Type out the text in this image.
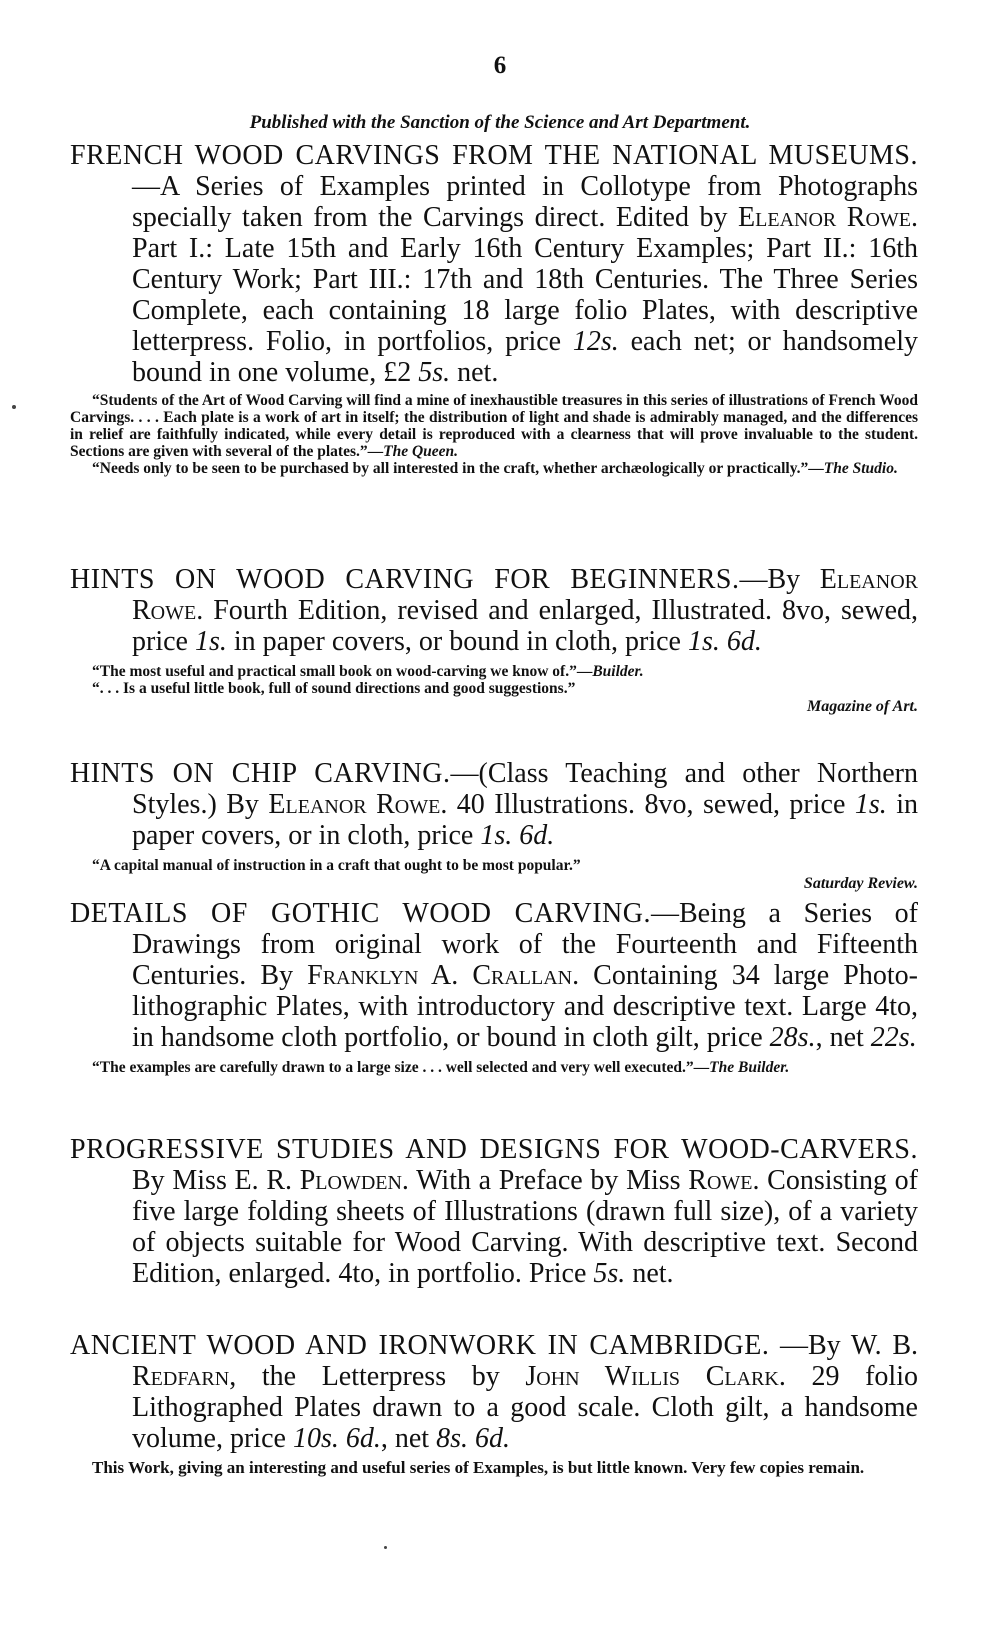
6
Published with the Sanction of the Science and Art Department.

FRENCH WOOD CARVINGS FROM THE NATIONAL MUSEUMS.—A Series of Examples printed in Collotype from Photographs specially taken from the Carvings direct. Edited by Eleanor Rowe. Part I.: Late 15th and Early 16th Century Examples; Part II.: 16th Century Work; Part III.: 17th and 18th Centuries. The Three Series Complete, each containing 18 large folio Plates, with descriptive letterpress. Folio, in portfolios, price 12s. each net; or handsomely bound in one volume, £2 5s. net.

“Students of the Art of Wood Carving will find a mine of inexhaustible treasures in this series of illustrations of French Wood Carvings. . . . Each plate is a work of art in itself; the distribution of light and shade is admirably managed, and the differences in relief are faithfully indicated, while every detail is reproduced with a clearness that will prove invaluable to the student. Sections are given with several of the plates.”—The Queen.

“Needs only to be seen to be purchased by all interested in the craft, whether archæologically or practically.”—The Studio.

HINTS ON WOOD CARVING FOR BEGINNERS.—By Eleanor Rowe. Fourth Edition, revised and enlarged, Illustrated. 8vo, sewed, price 1s. in paper covers, or bound in cloth, price 1s. 6d.

“The most useful and practical small book on wood-carving we know of.”—Builder.

“. . . Is a useful little book, full of sound directions and good suggestions.”

Magazine of Art.

HINTS ON CHIP CARVING.—(Class Teaching and other Northern Styles.) By Eleanor Rowe. 40 Illustrations. 8vo, sewed, price 1s. in paper covers, or in cloth, price 1s. 6d.

“A capital manual of instruction in a craft that ought to be most popular.”

Saturday Review.

DETAILS OF GOTHIC WOOD CARVING.—Being a Series of Drawings from original work of the Fourteenth and Fifteenth Centuries. By Franklyn A. Crallan. Containing 34 large Photo-lithographic Plates, with introductory and descriptive text. Large 4to, in handsome cloth portfolio, or bound in cloth gilt, price 28s., net 22s.

“The examples are carefully drawn to a large size . . . well selected and very well executed.”—The Builder.

PROGRESSIVE STUDIES AND DESIGNS FOR WOOD-CARVERS. By Miss E. R. Plowden. With a Preface by Miss Rowe. Consisting of five large folding sheets of Illustrations (drawn full size), of a variety of objects suitable for Wood Carving. With descriptive text. Second Edition, enlarged. 4to, in portfolio. Price 5s. net.

ANCIENT WOOD AND IRONWORK IN CAMBRIDGE. —By W. B. Redfarn, the Letterpress by John Willis Clark. 29 folio Lithographed Plates drawn to a good scale. Cloth gilt, a handsome volume, price 10s. 6d., net 8s. 6d.

This Work, giving an interesting and useful series of Examples, is but little known. Very few copies remain.
